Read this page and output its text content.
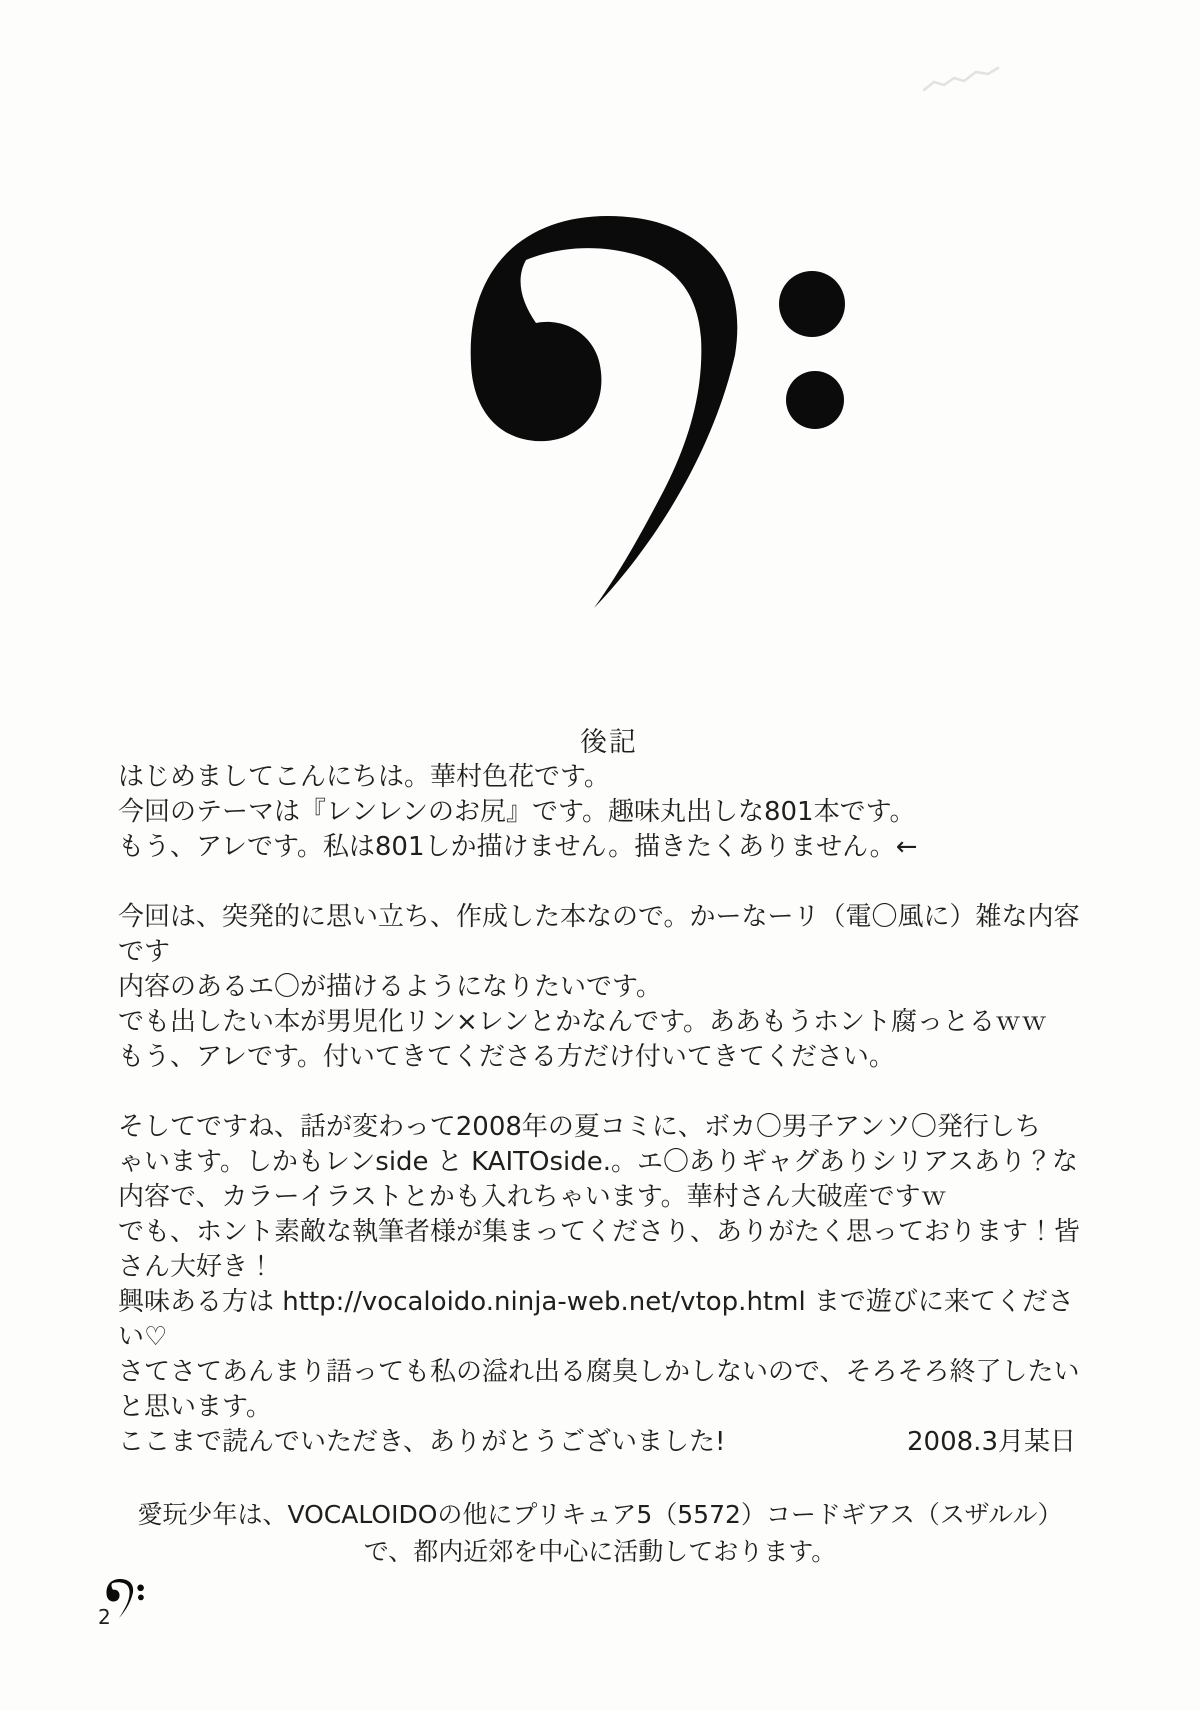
後記
はじめましてこんにちは。華村色花です。
今回のテーマは『レンレンのお尻』です。趣味丸出しな801本です。
もう、アレです。私は801しか描けません。描きたくありません。←
今回は、突発的に思い立ち、作成した本なので。かーなーリ（電〇風に）雑な内容
です
内容のあるエ〇が描けるようになりたいです。
でも出したい本が男児化リン×レンとかなんです。ああもうホント腐っとるｗｗ
もう、アレです。付いてきてくださる方だけ付いてきてください。
そしてですね、話が変わって2008年の夏コミに、ボカ〇男子アンソ〇発行しち
ゃいます。しかもレンside と KAITOside.。エ〇ありギャグありシリアスあり？な
内容で、カラーイラストとかも入れちゃいます。華村さん大破産ですｗ
でも、ホント素敵な執筆者様が集まってくださり、ありがたく思っております！皆
さん大好き！
興味ある方は http://vocaloido.ninja-web.net/vtop.html まで遊びに来てくださ
い♡
さてさてあんまり語っても私の溢れ出る腐臭しかしないので、そろそろ終了したい
と思います。
ここまで読んでいただき、ありがとうございました!	2008.3月某日
愛玩少年は、VOCALOIDOの他にプリキュア5（5572）コードギアス（スザルル）
で、都内近郊を中心に活動しております。
2
